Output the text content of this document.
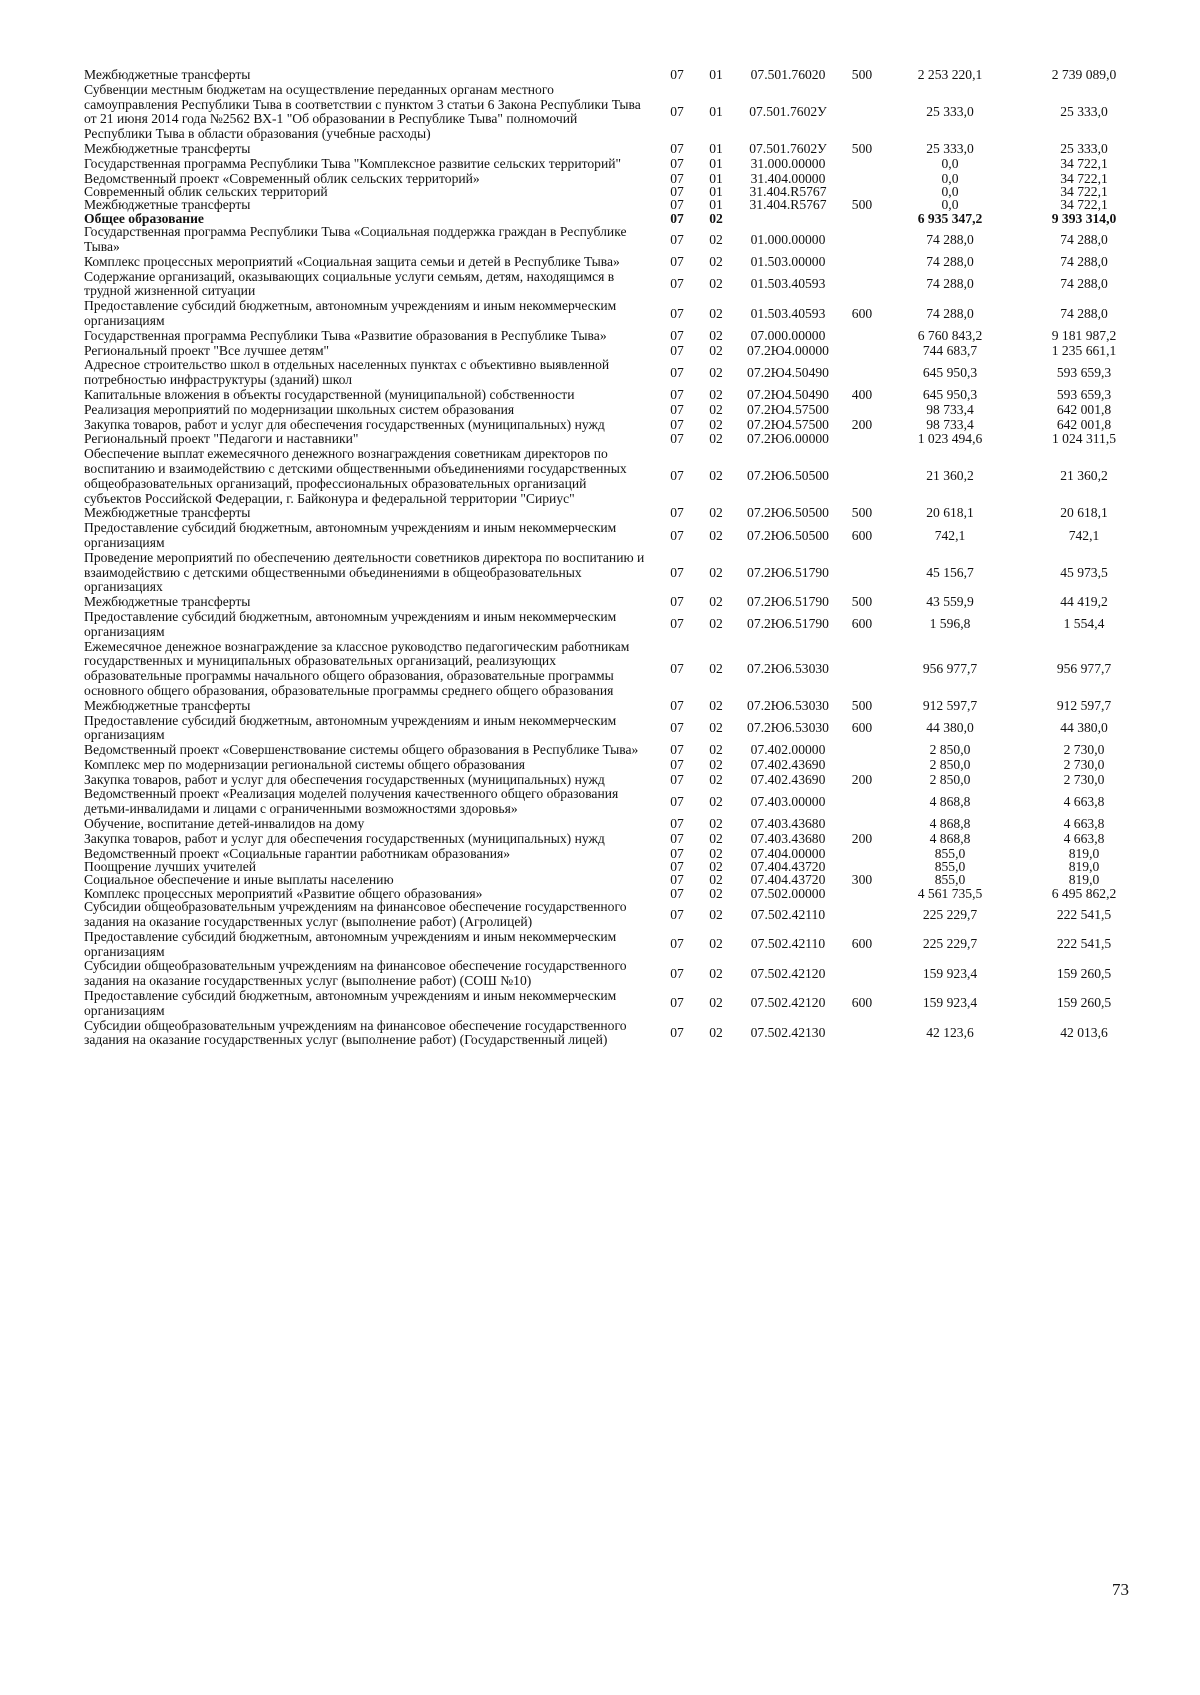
Межбюджетные трансферты	07	01	07.501.76020	500	2 253 220,1	2 739 089,0
Субвенции местным бюджетам на осуществление переданных органам местного самоуправления Республики Тыва в соответствии с пунктом 3 статьи 6 Закона Республики Тыва от 21 июня 2014 года №2562 ВХ-1 "Об образовании в Республике Тыва" полномочий Республики Тыва в области образования (учебные расходы)	07	01	07.501.7602У		25 333,0	25 333,0
Межбюджетные трансферты	07	01	07.501.7602У	500	25 333,0	25 333,0
Государственная программа Республики Тыва "Комплексное развитие сельских территорий"	07	01	31.000.00000		0,0	34 722,1
Ведомственный проект «Современный облик сельских территорий»	07	01	31.404.00000		0,0	34 722,1
Современный облик сельских территорий	07	01	31.404.R5767		0,0	34 722,1
Межбюджетные трансферты	07	01	31.404.R5767	500	0,0	34 722,1
Общее образование	07	02			6 935 347,2	9 393 314,0
Государственная программа Республики Тыва «Социальная поддержка граждан в Республике Тыва»	07	02	01.000.00000		74 288,0	74 288,0
Комплекс процессных мероприятий «Социальная защита семьи и детей в Республике Тыва»	07	02	01.503.00000		74 288,0	74 288,0
Содержание организаций, оказывающих социальные услуги семьям, детям, находящимся в трудной жизненной ситуации	07	02	01.503.40593		74 288,0	74 288,0
Предоставление субсидий бюджетным, автономным учреждениям и иным некоммерческим организациям	07	02	01.503.40593	600	74 288,0	74 288,0
Государственная программа Республики Тыва «Развитие образования в Республике Тыва»	07	02	07.000.00000		6 760 843,2	9 181 987,2
Региональный проект "Все лучшее детям"	07	02	07.2Ю4.00000		744 683,7	1 235 661,1
Адресное строительство школ в отдельных населенных пунктах с объективно выявленной потребностью инфраструктуры (зданий) школ	07	02	07.2Ю4.50490		645 950,3	593 659,3
Капитальные вложения в объекты государственной (муниципальной) собственности	07	02	07.2Ю4.50490	400	645 950,3	593 659,3
Реализация мероприятий по модернизации школьных систем образования	07	02	07.2Ю4.57500		98 733,4	642 001,8
Закупка товаров, работ и услуг для обеспечения государственных (муниципальных) нужд	07	02	07.2Ю4.57500	200	98 733,4	642 001,8
Региональный проект "Педагоги и наставники"	07	02	07.2Ю6.00000		1 023 494,6	1 024 311,5
Обеспечение выплат ежемесячного денежного вознаграждения советникам директоров по воспитанию и взаимодействию с детскими общественными объединениями государственных общеобразовательных организаций, профессиональных образовательных организаций субъектов Российской Федерации, г. Байконура и федеральной территории "Сириус"	07	02	07.2Ю6.50500		21 360,2	21 360,2
Межбюджетные трансферты	07	02	07.2Ю6.50500	500	20 618,1	20 618,1
Предоставление субсидий бюджетным, автономным учреждениям и иным некоммерческим организациям	07	02	07.2Ю6.50500	600	742,1	742,1
Проведение мероприятий по обеспечению деятельности советников директора по воспитанию и взаимодействию с детскими общественными объединениями в общеобразовательных организациях	07	02	07.2Ю6.51790		45 156,7	45 973,5
Межбюджетные трансферты	07	02	07.2Ю6.51790	500	43 559,9	44 419,2
Предоставление субсидий бюджетным, автономным учреждениям и иным некоммерческим организациям	07	02	07.2Ю6.51790	600	1 596,8	1 554,4
Ежемесячное денежное вознаграждение за классное руководство педагогическим работникам государственных и муниципальных образовательных организаций, реализующих образовательные программы начального общего образования, образовательные программы основного общего образования, образовательные программы среднего общего образования	07	02	07.2Ю6.53030		956 977,7	956 977,7
Межбюджетные трансферты	07	02	07.2Ю6.53030	500	912 597,7	912 597,7
Предоставление субсидий бюджетным, автономным учреждениям и иным некоммерческим организациям	07	02	07.2Ю6.53030	600	44 380,0	44 380,0
Ведомственный проект «Совершенствование системы общего образования в Республике Тыва»	07	02	07.402.00000		2 850,0	2 730,0
Комплекс мер по модернизации региональной системы общего образования	07	02	07.402.43690		2 850,0	2 730,0
Закупка товаров, работ и услуг для обеспечения государственных (муниципальных) нужд	07	02	07.402.43690	200	2 850,0	2 730,0
Ведомственный проект «Реализация моделей получения качественного общего образования детьми-инвалидами и лицами с ограниченными возможностями здоровья»	07	02	07.403.00000		4 868,8	4 663,8
Обучение, воспитание детей-инвалидов на дому	07	02	07.403.43680		4 868,8	4 663,8
Закупка товаров, работ и услуг для обеспечения государственных (муниципальных) нужд	07	02	07.403.43680	200	4 868,8	4 663,8
Ведомственный проект «Социальные гарантии работникам образования»	07	02	07.404.00000		855,0	819,0
Поощрение лучших учителей	07	02	07.404.43720		855,0	819,0
Социальное обеспечение и иные выплаты населению	07	02	07.404.43720	300	855,0	819,0
Комплекс процессных мероприятий «Развитие общего образования»	07	02	07.502.00000		4 561 735,5	6 495 862,2
Субсидии общеобразовательным учреждениям на финансовое обеспечение государственного задания на оказание государственных услуг (выполнение работ) (Агролицей)	07	02	07.502.42110		225 229,7	222 541,5
Предоставление субсидий бюджетным, автономным учреждениям и иным некоммерческим организациям	07	02	07.502.42110	600	225 229,7	222 541,5
Субсидии общеобразовательным учреждениям на финансовое обеспечение государственного задания на оказание государственных услуг (выполнение работ) (СОШ №10)	07	02	07.502.42120		159 923,4	159 260,5
Предоставление субсидий бюджетным, автономным учреждениям и иным некоммерческим организациям	07	02	07.502.42120	600	159 923,4	159 260,5
Субсидии общеобразовательным учреждениям на финансовое обеспечение государственного задания на оказание государственных услуг (выполнение работ) (Государственный лицей)	07	02	07.502.42130		42 123,6	42 013,6
73
